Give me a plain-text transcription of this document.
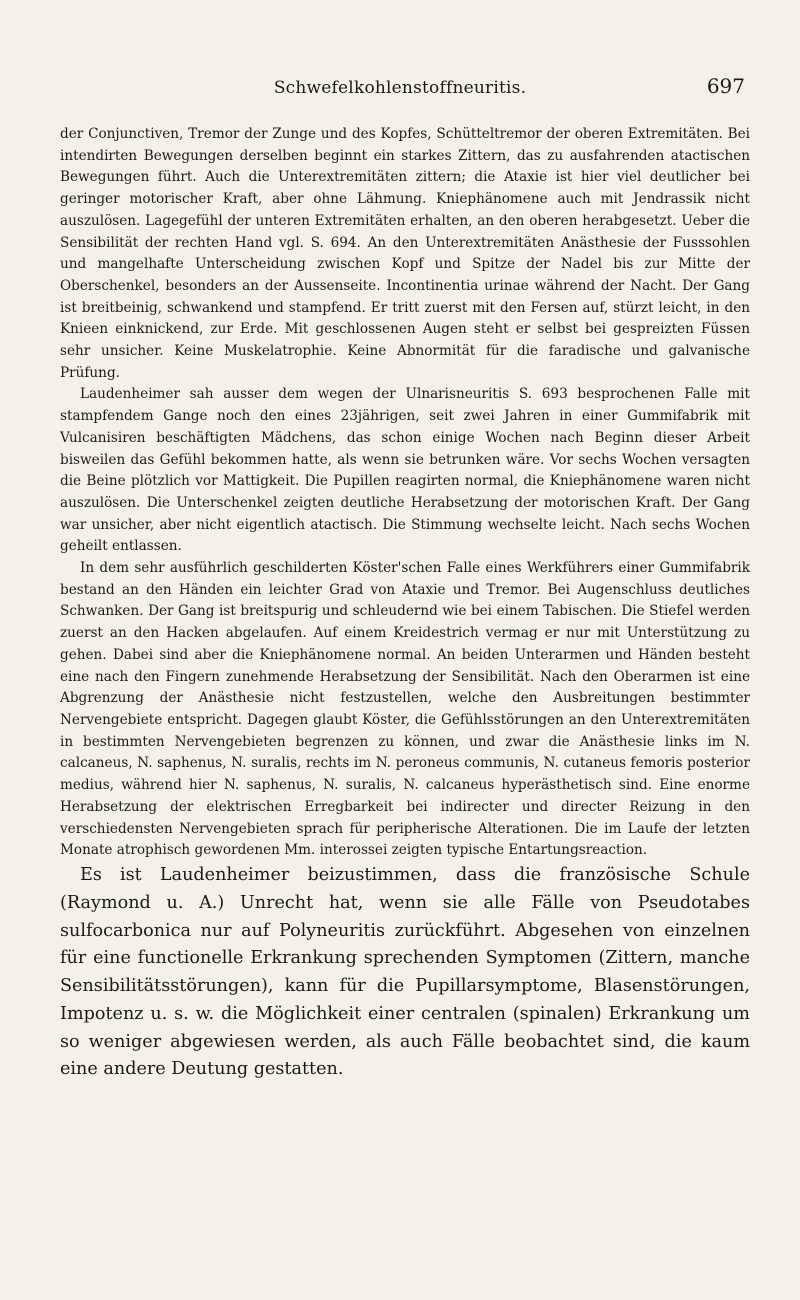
Schwefelkohlenstoffneuritis.	697

der Conjunctiven, Tremor der Zunge und des Kopfes, Schütteltremor der oberen Extremitäten. Bei intendirten Bewegungen derselben beginnt ein starkes Zittern, das zu ausfahrenden atactischen Bewegungen führt. Auch die Unterextremitäten zittern; die Ataxie ist hier viel deutlicher bei geringer motorischer Kraft, aber ohne Lähmung. Kniephänomene auch mit Jendrassik nicht auszulösen. Lagegefühl der unteren Extremitäten erhalten, an den oberen herabgesetzt. Ueber die Sensibilität der rechten Hand vgl. S. 694. An den Unterextremitäten Anästhesie der Fusssohlen und mangelhafte Unterscheidung zwischen Kopf und Spitze der Nadel bis zur Mitte der Oberschenkel, besonders an der Aussenseite. Incontinentia urinae während der Nacht. Der Gang ist breitbeinig, schwankend und stampfend. Er tritt zuerst mit den Fersen auf, stürzt leicht, in den Knieen einknickend, zur Erde. Mit geschlossenen Augen steht er selbst bei gespreizten Füssen sehr unsicher. Keine Muskelatrophie. Keine Abnormität für die faradische und galvanische Prüfung.

Laudenheimer sah ausser dem wegen der Ulnarisneuritis S. 693 besprochenen Falle mit stampfendem Gange noch den eines 23jährigen, seit zwei Jahren in einer Gummifabrik mit Vulcanisiren beschäftigten Mädchens, das schon einige Wochen nach Beginn dieser Arbeit bisweilen das Gefühl bekommen hatte, als wenn sie betrunken wäre. Vor sechs Wochen versagten die Beine plötzlich vor Mattigkeit. Die Pupillen reagirten normal, die Kniephänomene waren nicht auszulösen. Die Unterschenkel zeigten deutliche Herabsetzung der motorischen Kraft. Der Gang war unsicher, aber nicht eigentlich atactisch. Die Stimmung wechselte leicht. Nach sechs Wochen geheilt entlassen.

In dem sehr ausführlich geschilderten Köster'schen Falle eines Werkführers einer Gummifabrik bestand an den Händen ein leichter Grad von Ataxie und Tremor. Bei Augenschluss deutliches Schwanken. Der Gang ist breitspurig und schleudernd wie bei einem Tabischen. Die Stiefel werden zuerst an den Hacken abgelaufen. Auf einem Kreidestrich vermag er nur mit Unterstützung zu gehen. Dabei sind aber die Kniephänomene normal. An beiden Unterarmen und Händen besteht eine nach den Fingern zunehmende Herabsetzung der Sensibilität. Nach den Oberarmen ist eine Abgrenzung der Anästhesie nicht festzustellen, welche den Ausbreitungen bestimmter Nervengebiete entspricht. Dagegen glaubt Köster, die Gefühlsstörungen an den Unterextremitäten in bestimmten Nervengebieten begrenzen zu können, und zwar die Anästhesie links im N. calcaneus, N. saphenus, N. suralis, rechts im N. peroneus communis, N. cutaneus femoris posterior medius, während hier N. saphenus, N. suralis, N. calcaneus hyperästhetisch sind. Eine enorme Herabsetzung der elektrischen Erregbarkeit bei indirecter und directer Reizung in den verschiedensten Nervengebieten sprach für peripherische Alterationen. Die im Laufe der letzten Monate atrophisch gewordenen Mm. interossei zeigten typische Entartungsreaction.

Es ist Laudenheimer beizustimmen, dass die französische Schule (Raymond u. A.) Unrecht hat, wenn sie alle Fälle von Pseudotabes sulfocarbonica nur auf Polyneuritis zurückführt. Abgesehen von einzelnen für eine functionelle Erkrankung sprechenden Symptomen (Zittern, manche Sensibilitätsstörungen), kann für die Pupillarsymptome, Blasenstörungen, Impotenz u. s. w. die Möglichkeit einer centralen (spinalen) Erkrankung um so weniger abgewiesen werden, als auch Fälle beobachtet sind, die kaum eine andere Deutung gestatten.
